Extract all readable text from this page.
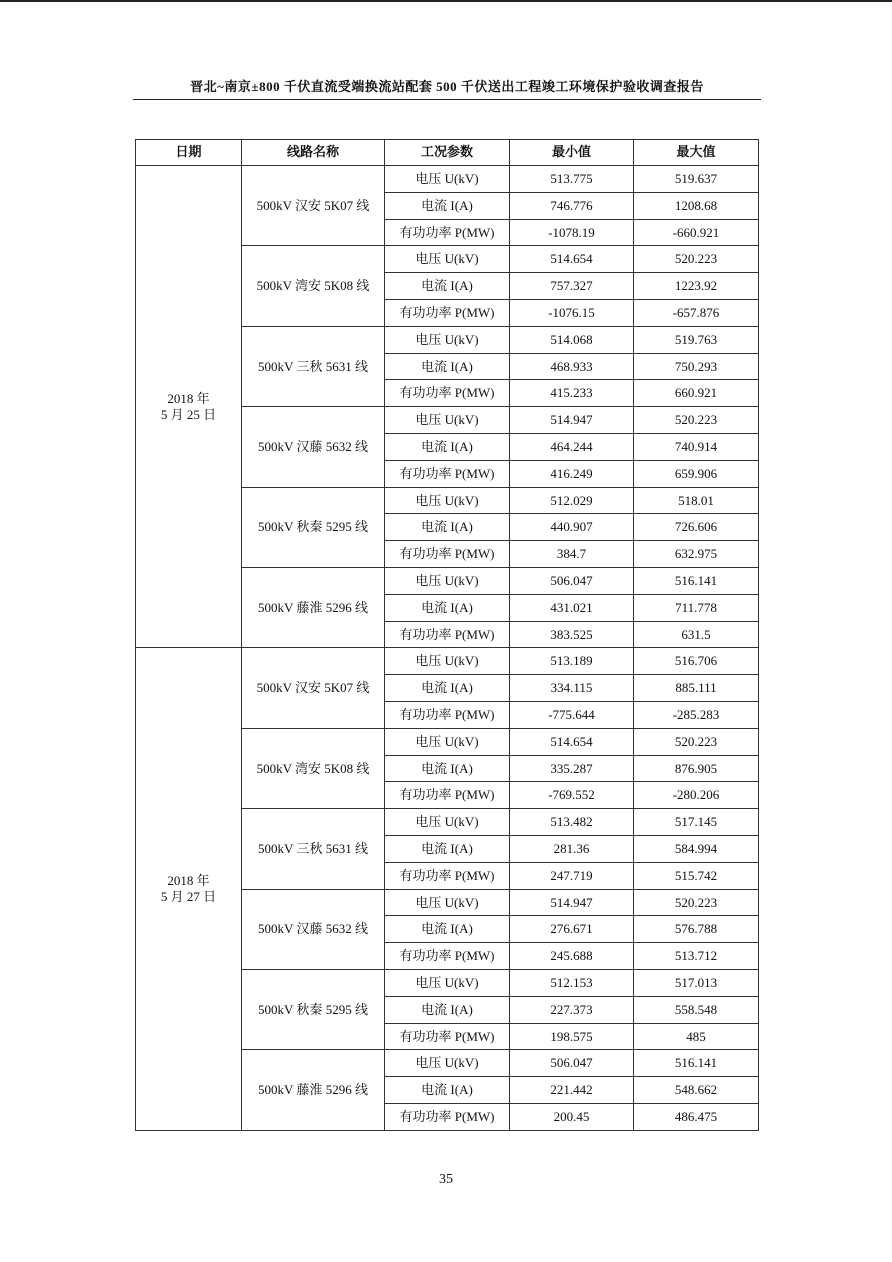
晋北~南京±800 千伏直流受端换流站配套 500 千伏送出工程竣工环境保护验收调查报告
日期	线路名称	工况参数	最小值	最大值

2018 年
5 月 25 日	500kV 汉安 5K07 线	电压 U(kV)	513.775	519.637
		电流 I(A)	746.776	1208.68
		有功功率 P(MW)	-1078.19	-660.921
	500kV 湾安 5K08 线	电压 U(kV)	514.654	520.223
		电流 I(A)	757.327	1223.92
		有功功率 P(MW)	-1076.15	-657.876
	500kV 三秋 5631 线	电压 U(kV)	514.068	519.763
		电流 I(A)	468.933	750.293
		有功功率 P(MW)	415.233	660.921
	500kV 汉藤 5632 线	电压 U(kV)	514.947	520.223
		电流 I(A)	464.244	740.914
		有功功率 P(MW)	416.249	659.906
	500kV 秋秦 5295 线	电压 U(kV)	512.029	518.01
		电流 I(A)	440.907	726.606
		有功功率 P(MW)	384.7	632.975
	500kV 藤淮 5296 线	电压 U(kV)	506.047	516.141
		电流 I(A)	431.021	711.778
		有功功率 P(MW)	383.525	631.5

2018 年
5 月 27 日	500kV 汉安 5K07 线	电压 U(kV)	513.189	516.706
		电流 I(A)	334.115	885.111
		有功功率 P(MW)	-775.644	-285.283
	500kV 湾安 5K08 线	电压 U(kV)	514.654	520.223
		电流 I(A)	335.287	876.905
		有功功率 P(MW)	-769.552	-280.206
	500kV 三秋 5631 线	电压 U(kV)	513.482	517.145
		电流 I(A)	281.36	584.994
		有功功率 P(MW)	247.719	515.742
	500kV 汉藤 5632 线	电压 U(kV)	514.947	520.223
		电流 I(A)	276.671	576.788
		有功功率 P(MW)	245.688	513.712
	500kV 秋秦 5295 线	电压 U(kV)	512.153	517.013
		电流 I(A)	227.373	558.548
		有功功率 P(MW)	198.575	485
	500kV 藤淮 5296 线	电压 U(kV)	506.047	516.141
		电流 I(A)	221.442	548.662
		有功功率 P(MW)	200.45	486.475
35
